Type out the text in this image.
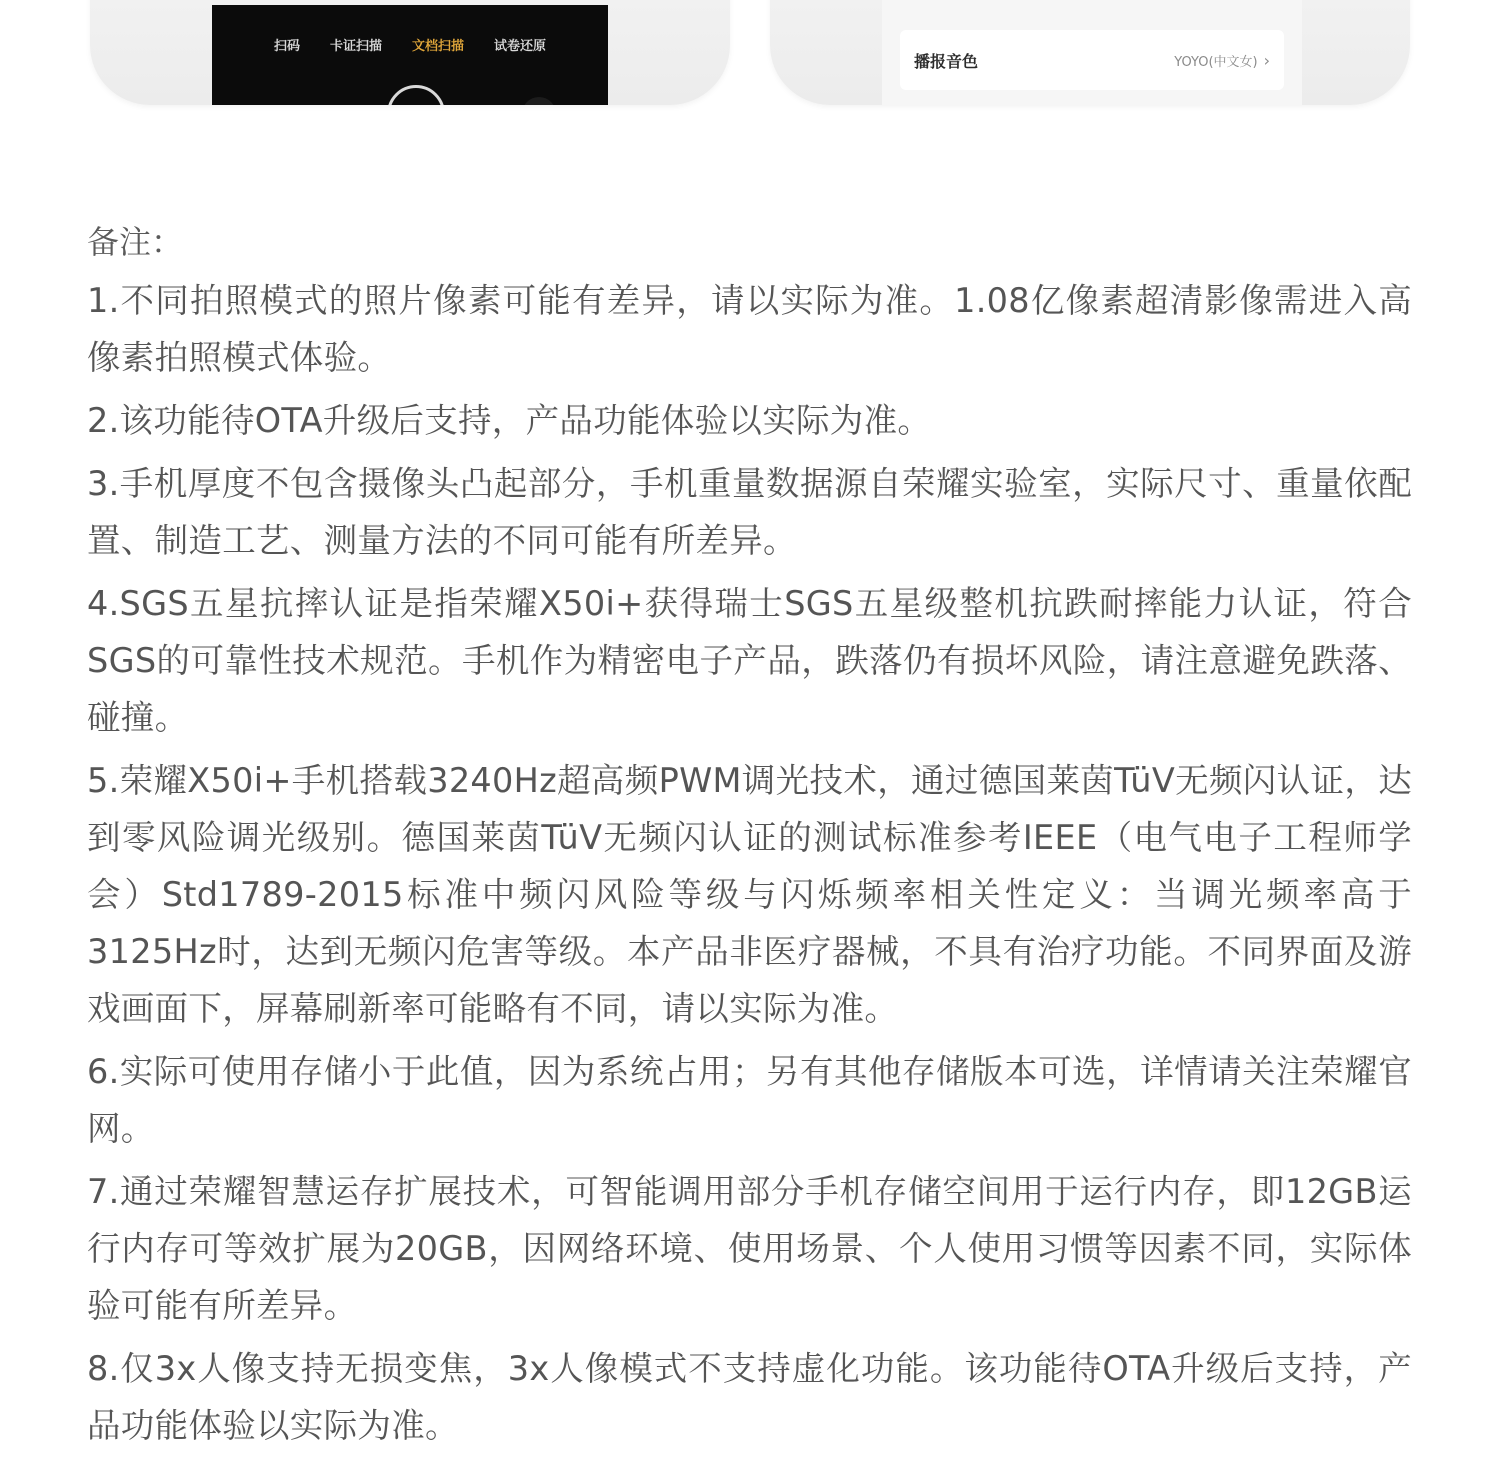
扫码 卡证扫描 文档扫描 试卷还原
播报音色	YOYO(中文女) ›

备注：

1.不同拍照模式的照片像素可能有差异，请以实际为准。1.08亿像素超清影像需进入高像素拍照模式体验。

2.该功能待OTA升级后支持，产品功能体验以实际为准。

3.手机厚度不包含摄像头凸起部分，手机重量数据源自荣耀实验室，实际尺寸、重量依配置、制造工艺、测量方法的不同可能有所差异。

4.SGS五星抗摔认证是指荣耀X50i+获得瑞士SGS五星级整机抗跌耐摔能力认证，符合SGS的可靠性技术规范。手机作为精密电子产品，跌落仍有损坏风险，请注意避免跌落、碰撞。

5.荣耀X50i+手机搭载3240Hz超高频PWM调光技术，通过德国莱茵TüV无频闪认证，达到零风险调光级别。德国莱茵TüV无频闪认证的测试标准参考IEEE（电气电子工程师学会）Std1789-2015标准中频闪风险等级与闪烁频率相关性定义：当调光频率高于3125Hz时，达到无频闪危害等级。本产品非医疗器械，不具有治疗功能。不同界面及游戏画面下，屏幕刷新率可能略有不同，请以实际为准。

6.实际可使用存储小于此值，因为系统占用；另有其他存储版本可选，详情请关注荣耀官网。

7.通过荣耀智慧运存扩展技术，可智能调用部分手机存储空间用于运行内存，即12GB运行内存可等效扩展为20GB，因网络环境、使用场景、个人使用习惯等因素不同，实际体验可能有所差异。

8.仅3x人像支持无损变焦，3x人像模式不支持虚化功能。该功能待OTA升级后支持，产品功能体验以实际为准。
